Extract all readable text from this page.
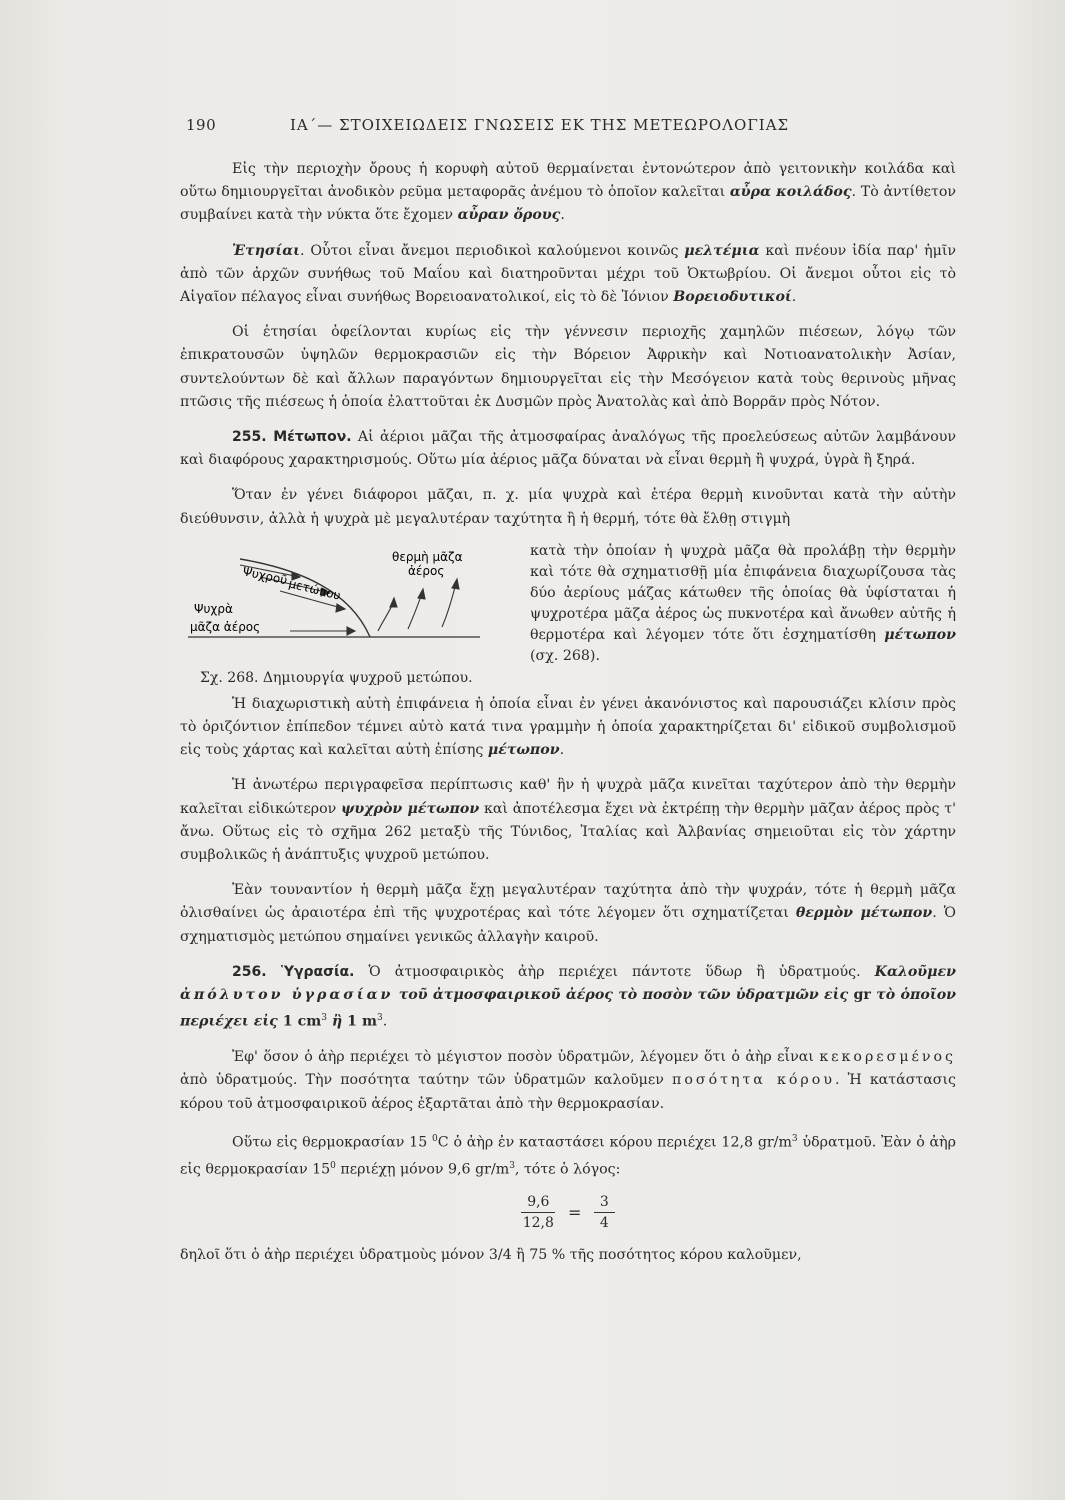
190	ΙΑ΄— ΣΤΟΙΧΕΙΩΔΕΙΣ ΓΝΩΣΕΙΣ ΕΚ ΤΗΣ ΜΕΤΕΩΡΟΛΟΓΙΑΣ

Εἰς τὴν περιοχὴν ὄρους ἡ κορυφὴ αὐτοῦ θερμαίνεται ἐντονώτερον ἀπὸ γειτονικὴν κοιλάδα καὶ οὕτω δημιουργεῖται ἀνοδικὸν ρεῦμα μεταφορᾶς ἀνέμου τὸ ὁποῖον καλεῖται αὖρα κοιλάδος. Τὸ ἀντίθετον συμβαίνει κατὰ τὴν νύκτα ὅτε ἔχομεν αὖραν ὄρους.

Ἐτησίαι. Οὗτοι εἶναι ἄνεμοι περιοδικοὶ καλούμενοι κοινῶς μελτέμια καὶ πνέουν ἰδία παρ' ἡμῖν ἀπὸ τῶν ἀρχῶν συνήθως τοῦ Μαΐου καὶ διατηροῦνται μέχρι τοῦ Ὀκτωβρίου. Οἱ ἄνεμοι οὗτοι εἰς τὸ Αἰγαῖον πέλαγος εἶναι συνήθως Βορειοανατολικοί, εἰς τὸ δὲ Ἰόνιον Βορειοδυτικοί.

Οἱ ἐτησίαι ὀφείλονται κυρίως εἰς τὴν γέννεσιν περιοχῆς χαμηλῶν πιέσεων, λόγῳ τῶν ἐπικρατουσῶν ὑψηλῶν θερμοκρασιῶν εἰς τὴν Βόρειον Ἀφρικὴν καὶ Νοτιοανατολικὴν Ἀσίαν, συντελούντων δὲ καὶ ἄλλων παραγόντων δημιουργεῖται εἰς τὴν Μεσόγειον κατὰ τοὺς θερινοὺς μῆνας πτῶσις τῆς πιέσεως ἡ ὁποία ἐλαττοῦται ἐκ Δυσμῶν πρὸς Ἀνατολὰς καὶ ἀπὸ Βορρᾶν πρὸς Νότον.

255. Μέτωπον. Αἱ ἀέριοι μᾶζαι τῆς ἀτμοσφαίρας ἀναλόγως τῆς προελεύσεως αὐτῶν λαμβάνουν καὶ διαφόρους χαρακτηρισμούς. Οὕτω μία ἀέριος μᾶζα δύναται νὰ εἶναι θερμὴ ἢ ψυχρά, ὑγρὰ ἢ ξηρά.

Ὅταν ἐν γένει διάφοροι μᾶζαι, π. χ. μία ψυχρὰ καὶ ἑτέρα θερμὴ κινοῦνται κατὰ τὴν αὐτὴν διεύθυνσιν, ἀλλὰ ἡ ψυχρὰ μὲ μεγαλυτέραν ταχύτητα ἢ ἡ θερμή, τότε θὰ ἔλθῃ στιγμὴ

θερμὴ μᾶζα
ἀέρος
Ψυχροῦ
μετώπου
Ψυχρὰ
μᾶζα ἀέρος
Σχ. 268. Δημιουργία ψυχροῦ μετώπου.
κατὰ τὴν ὁποίαν ἡ ψυχρὰ μᾶζα θὰ προλάβῃ τὴν θερμὴν καὶ τότε θὰ σχηματισθῇ μία ἐπιφάνεια διαχωρίζουσα τὰς δύο ἀερίους μάζας κάτωθεν τῆς ὁποίας θὰ ὑφίσταται ἡ ψυχροτέρα μᾶζα ἀέρος ὡς πυκνοτέρα καὶ ἄνωθεν αὐτῆς ἡ θερμοτέρα καὶ λέγομεν τότε ὅτι ἐσχηματίσθη μέτωπον (σχ. 268).

Ἡ διαχωριστικὴ αὐτὴ ἐπιφάνεια ἡ ὁποία εἶναι ἐν γένει ἀκανόνιστος καὶ παρουσιάζει κλίσιν πρὸς τὸ ὁριζόντιον ἐπίπεδον τέμνει αὐτὸ κατά τινα γραμμὴν ἡ ὁποία χαρακτηρίζεται δι' εἰδικοῦ συμβολισμοῦ εἰς τοὺς χάρτας καὶ καλεῖται αὐτὴ ἐπίσης μέτωπον.

Ἡ ἀνωτέρω περιγραφεῖσα περίπτωσις καθ' ἣν ἡ ψυχρὰ μᾶζα κινεῖται ταχύτερον ἀπὸ τὴν θερμὴν καλεῖται εἰδικώτερον ψυχρὸν μέτωπον καὶ ἀποτέλεσμα ἔχει νὰ ἐκτρέπῃ τὴν θερμὴν μᾶζαν ἀέρος πρὸς τ' ἄνω. Οὕτως εἰς τὸ σχῆμα 262 μεταξὺ τῆς Τύνιδος, Ἰταλίας καὶ Ἀλβανίας σημειοῦται εἰς τὸν χάρτην συμβολικῶς ἡ ἀνάπτυξις ψυχροῦ μετώπου.

Ἐὰν τουναντίον ἡ θερμὴ μᾶζα ἔχῃ μεγαλυτέραν ταχύτητα ἀπὸ τὴν ψυχράν, τότε ἡ θερμὴ μᾶζα ὀλισθαίνει ὡς ἀραιοτέρα ἐπὶ τῆς ψυχροτέρας καὶ τότε λέγομεν ὅτι σχηματίζεται θερμὸν μέτωπον. Ὁ σχηματισμὸς μετώπου σημαίνει γενικῶς ἀλλαγὴν καιροῦ.

256. Ὑγρασία. Ὁ ἀτμοσφαιρικὸς ἀὴρ περιέχει πάντοτε ὕδωρ ἢ ὑδρατμούς. Καλοῦμεν ἀπόλυτον ὑγρασίαν τοῦ ἀτμοσφαιρικοῦ ἀέρος τὸ ποσὸν τῶν ὑδρατμῶν εἰς gr τὸ ὁποῖον περιέχει εἰς 1 $cm^3$ ἢ 1 $m^3$.

Ἐφ' ὅσον ὁ ἀὴρ περιέχει τὸ μέγιστον ποσὸν ὑδρατμῶν, λέγομεν ὅτι ὁ ἀὴρ εἶναι κεκορεσμένος ἀπὸ ὑδρατμούς. Τὴν ποσότητα ταύτην τῶν ὑδρατμῶν καλοῦμεν ποσότητα κόρου. Ἡ κατάστασις κόρου τοῦ ἀτμοσφαιρικοῦ ἀέρος ἐξαρτᾶται ἀπὸ τὴν θερμοκρασίαν.

Οὕτω εἰς θερμοκρασίαν 15 $^0$C ὁ ἀὴρ ἐν καταστάσει κόρου περιέχει 12,8 $gr/m^3$ ὑδρατμοῦ. Ἐὰν ὁ ἀὴρ εἰς θερμοκρασίαν $15^0$ περιέχῃ μόνον 9,6 $gr/m^3$, τότε ὁ λόγος:

$\frac{9,6}{12,8} = \frac{3}{4}$

δηλοῖ ὅτι ὁ ἀὴρ περιέχει ὑδρατμοὺς μόνον 3/4 ἢ 75 % τῆς ποσότητος κόρου καλοῦμεν,
